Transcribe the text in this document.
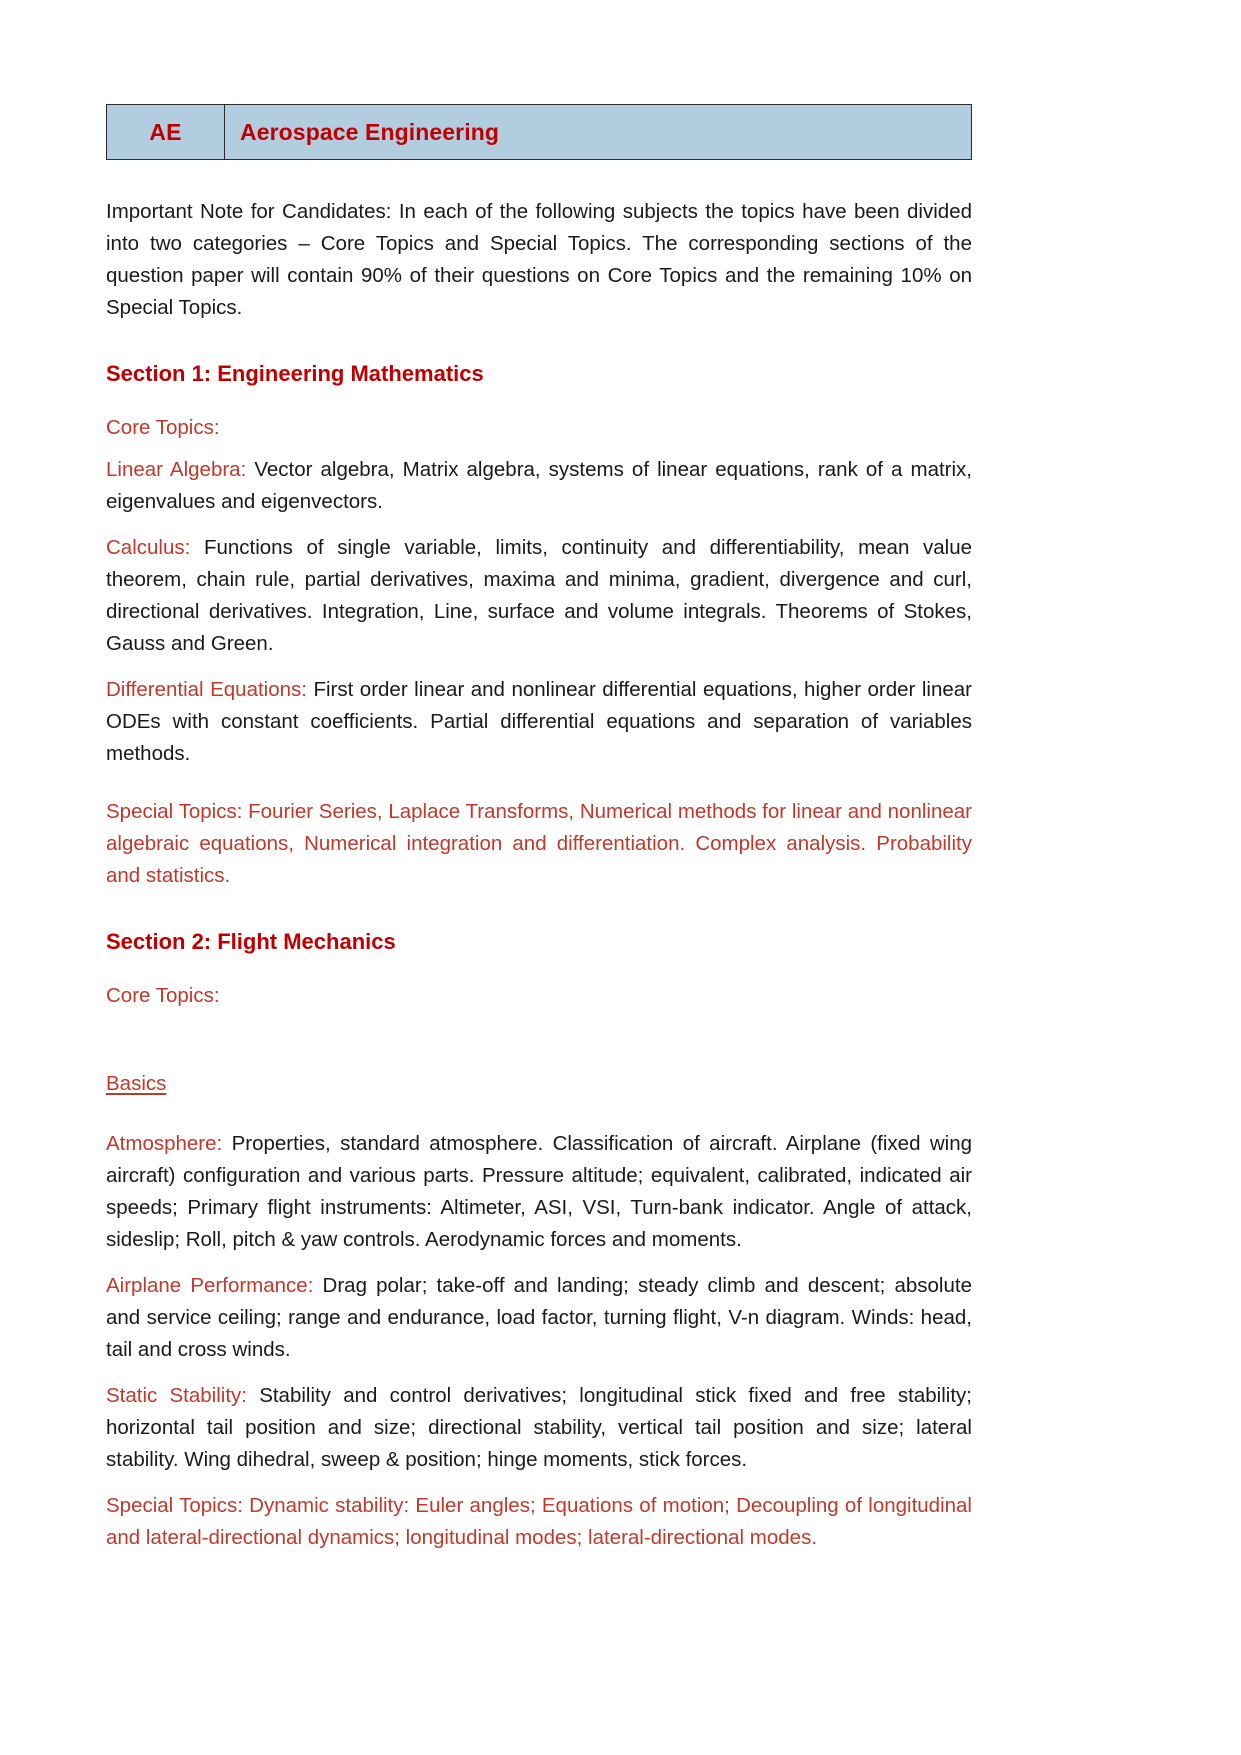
AE	Aerospace Engineering

Important Note for Candidates: In each of the following subjects the topics have been divided into two categories – Core Topics and Special Topics. The corresponding sections of the question paper will contain 90% of their questions on Core Topics and the remaining 10% on Special Topics.

Section 1: Engineering Mathematics

Core Topics:

Linear Algebra: Vector algebra, Matrix algebra, systems of linear equations, rank of a matrix, eigenvalues and eigenvectors.

Calculus: Functions of single variable, limits, continuity and differentiability, mean value theorem, chain rule, partial derivatives, maxima and minima, gradient, divergence and curl, directional derivatives. Integration, Line, surface and volume integrals. Theorems of Stokes, Gauss and Green.

Differential Equations: First order linear and nonlinear differential equations, higher order linear ODEs with constant coefficients. Partial differential equations and separation of variables methods.

Special Topics: Fourier Series, Laplace Transforms, Numerical methods for linear and nonlinear algebraic equations, Numerical integration and differentiation. Complex analysis. Probability and statistics.

Section 2: Flight Mechanics

Core Topics:

Basics

Atmosphere: Properties, standard atmosphere. Classification of aircraft. Airplane (fixed wing aircraft) configuration and various parts. Pressure altitude; equivalent, calibrated, indicated air speeds; Primary flight instruments: Altimeter, ASI, VSI, Turn-bank indicator. Angle of attack, sideslip; Roll, pitch & yaw controls. Aerodynamic forces and moments.

Airplane Performance: Drag polar; take-off and landing; steady climb and descent; absolute and service ceiling; range and endurance, load factor, turning flight, V-n diagram. Winds: head, tail and cross winds.

Static Stability: Stability and control derivatives; longitudinal stick fixed and free stability; horizontal tail position and size; directional stability, vertical tail position and size; lateral stability. Wing dihedral, sweep & position; hinge moments, stick forces.

Special Topics: Dynamic stability: Euler angles; Equations of motion; Decoupling of longitudinal and lateral-directional dynamics; longitudinal modes; lateral-directional modes.
